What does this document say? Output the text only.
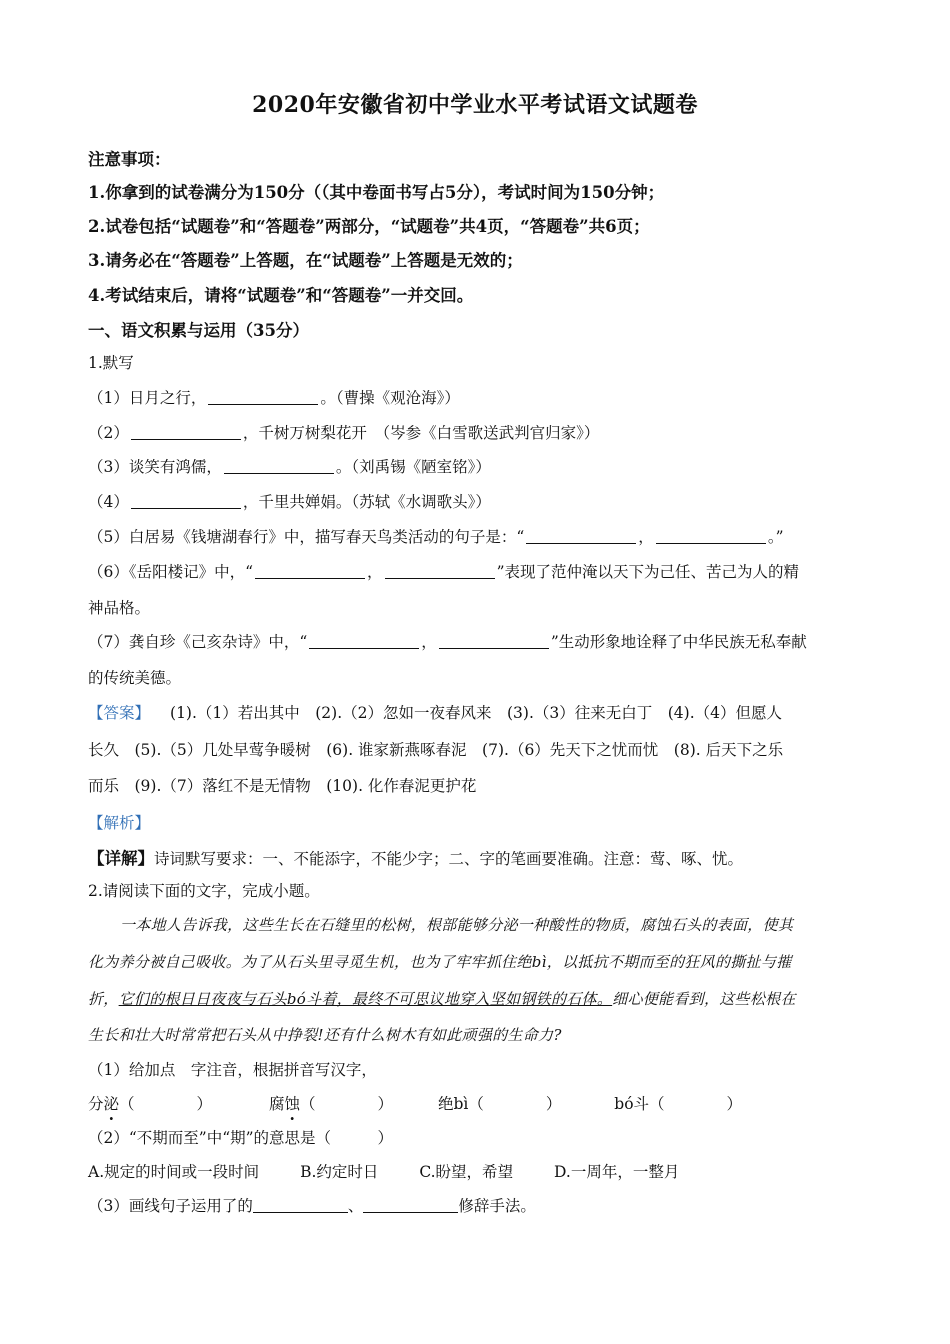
2020年安徽省初中学业水平考试语文试题卷
注意事项：
1.你拿到的试卷满分为150分（（其中卷面书写占5分），考试时间为150分钟；
2.试卷包括“试题卷”和“答题卷”两部分，“试题卷”共4页，“答题卷”共6页；
3.请务必在“答题卷”上答题，在“试题卷”上答题是无效的；
4.考试结束后，请将“试题卷”和“答题卷”一并交回。
一、语文积累与运用（35分）
1.默写
（1）日月之行，	。（曹操《观沧海》）
（2）	，千树万树梨花开　（岑参《白雪歌送武判官归家》）
（3）谈笑有鸿儒，	。（刘禹锡《陋室铭》）
（4）	，千里共婵娟。（苏轼《水调歌头》）
（5）白居易《钱塘湖春行》中，描写春天鸟类活动的句子是：“	，	。”
（6）《岳阳楼记》中，“	，	”表现了范仲淹以天下为己任、苦己为人的精
神品格。
（7）龚自珍《己亥杂诗》中，“	，	”生动形象地诠释了中华民族无私奉献
的传统美德。
【答案】 (1).（1）若出其中　(2).（2）忽如一夜春风来　(3).（3）往来无白丁　(4).（4）但愿人
长久　(5).（5）几处早莺争暖树　(6). 谁家新燕啄春泥　(7).（6）先天下之忧而忧　(8). 后天下之乐
而乐　(9).（7）落红不是无情物　(10). 化作春泥更护花
【解析】
【详解】诗词默写要求：一、不能添字，不能少字；二、字的笔画要准确。注意：莺、啄、忧。
2.请阅读下面的文字，完成小题。
一本地人告诉我，这些生长在石缝里的松树，根部能够分泌一种酸性的物质，腐蚀石头的表面，使其
化为养分被自己吸收。为了从石头里寻觅生机，也为了牢牢抓住绝bì，以抵抗不期而至的狂风的撕扯与摧
折，它们的根日日夜夜与石头bó斗着，最终不可思议地穿入坚如钢铁的石体。细心便能看到，这些松根在
生长和壮大时常常把石头从中挣裂!还有什么树木有如此顽强的生命力?
（1）给加点　字注音，根据拼音写汉字，
分泌（　　　　）	腐蚀（　　　　）	绝bì（　　　　）	bó斗（　　　　）
（2）“不期而至”中“期”的意思是（　　　）
A.规定的时间或一段时间	B.约定时日	C.盼望，希望	D.一周年，一整月
（3）画线句子运用了的	、	修辞手法。
